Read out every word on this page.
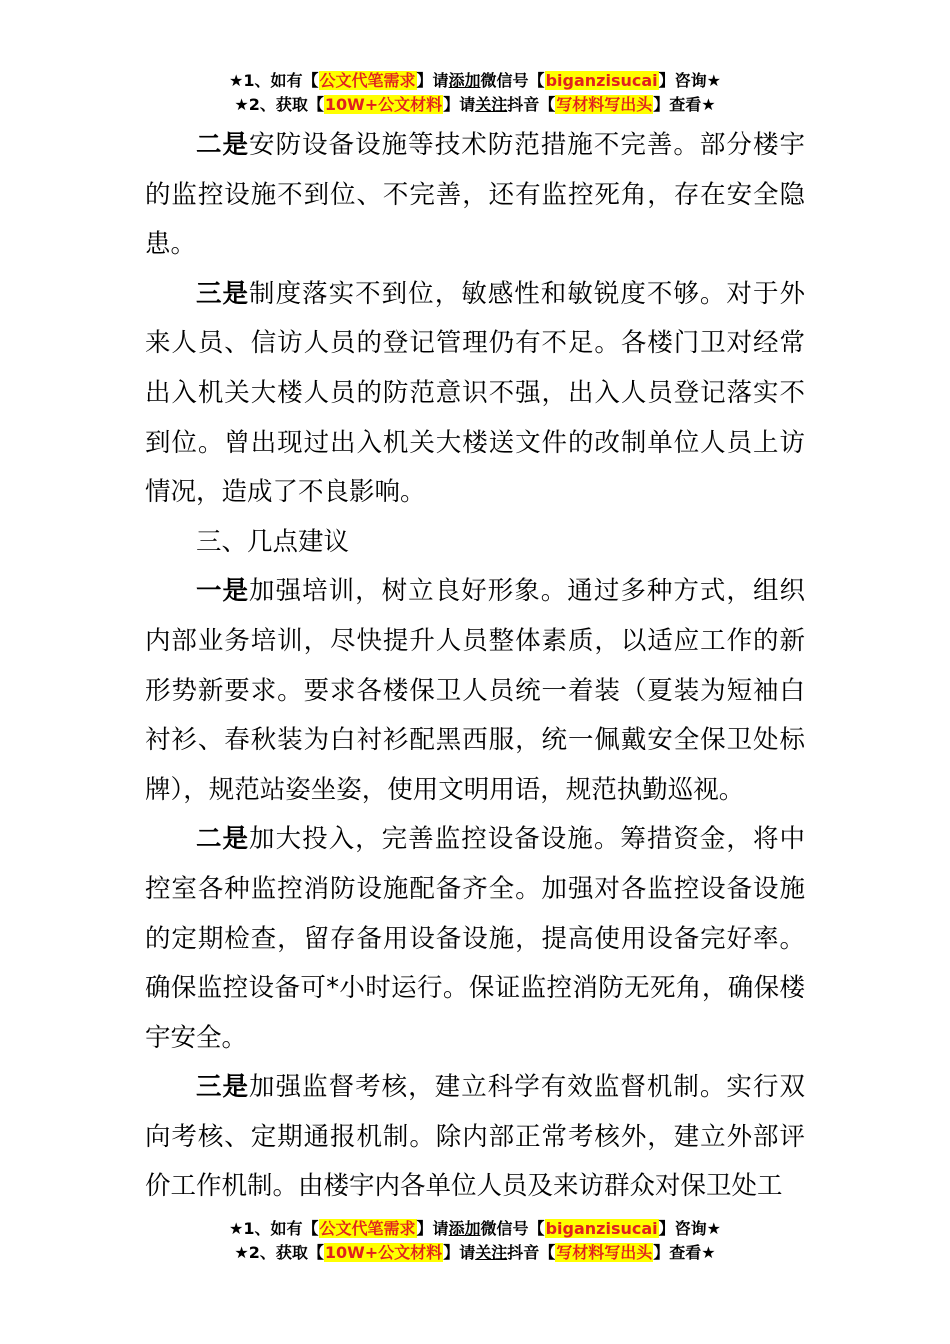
★1、如有【公文代笔需求】请添加微信号【biganzisucai】咨询★
★2、获取【10W+公文材料】请关注抖音【写材料写出头】查看★

二是安防设备设施等技术防范措施不完善。部分楼宇的监控设施不到位、不完善，还有监控死角，存在安全隐患。

三是制度落实不到位，敏感性和敏锐度不够。对于外来人员、信访人员的登记管理仍有不足。各楼门卫对经常出入机关大楼人员的防范意识不强，出入人员登记落实不到位。曾出现过出入机关大楼送文件的改制单位人员上访情况，造成了不良影响。

三、几点建议

一是加强培训，树立良好形象。通过多种方式，组织内部业务培训，尽快提升人员整体素质，以适应工作的新形势新要求。要求各楼保卫人员统一着装（夏装为短袖白衬衫、春秋装为白衬衫配黑西服，统一佩戴安全保卫处标牌），规范站姿坐姿，使用文明用语，规范执勤巡视。

二是加大投入，完善监控设备设施。筹措资金，将中控室各种监控消防设施配备齐全。加强对各监控设备设施的定期检查，留存备用设备设施，提高使用设备完好率。确保监控设备可*小时运行。保证监控消防无死角，确保楼宇安全。

三是加强监督考核，建立科学有效监督机制。实行双向考核、定期通报机制。除内部正常考核外，建立外部评价工作机制。由楼宇内各单位人员及来访群众对保卫处工

★1、如有【公文代笔需求】请添加微信号【biganzisucai】咨询★
★2、获取【10W+公文材料】请关注抖音【写材料写出头】查看★
